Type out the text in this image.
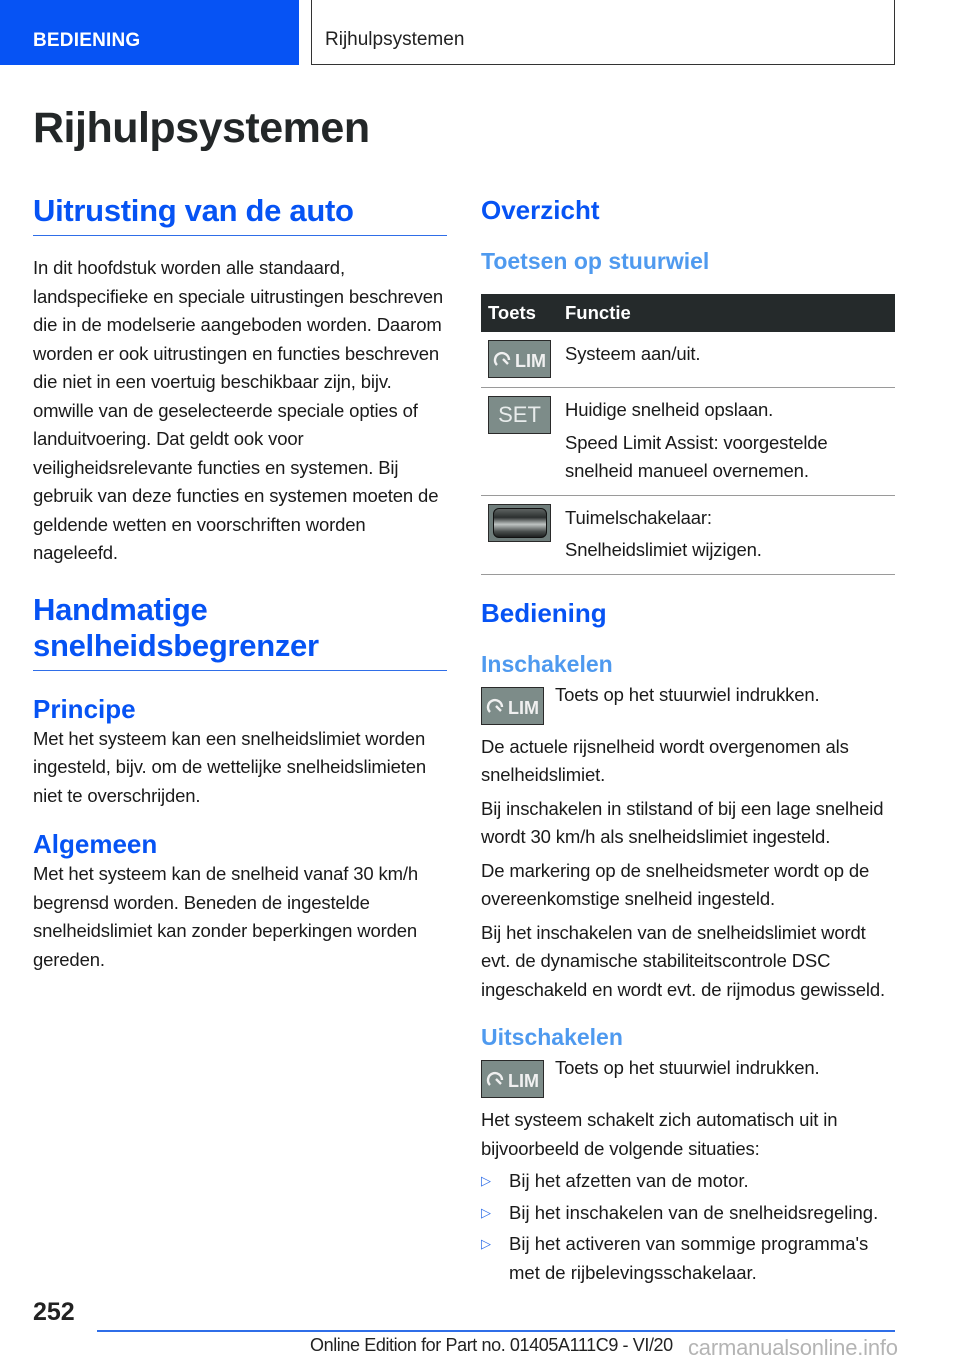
BEDIENING	Rijhulpsystemen
Rijhulpsystemen
Uitrusting van de auto

In dit hoofdstuk worden alle standaard, landspecifieke en speciale uitrustingen beschreven die in de modelserie aangeboden worden. Daarom worden er ook uitrustingen en functies beschreven die niet in een voertuig beschikbaar zijn, bijv. omwille van de geselecteerde speciale opties of landuitvoering. Dat geldt ook voor veiligheidsrelevante functies en systemen. Bij gebruik van deze functies en systemen moeten de geldende wetten en voorschriften worden nageleefd.

Handmatige snelheidsbegrenzer
Principe

Met het systeem kan een snelheidslimiet worden ingesteld, bijv. om de wettelijke snelheidslimieten niet te overschrijden.

Algemeen

Met het systeem kan de snelheid vanaf 30 km/h begrensd worden. Beneden de ingestelde snelheidslimiet kan zonder beperkingen worden gereden.

Overzicht
Toetsen op stuurwiel
Toets	Functie

LIM	Systeem aan/uit.

SET	Huidige snelheid opslaan.

Speed Limit Assist: voorgestelde snelheid manueel overnemen.

	Tuimelschakelaar:

Snelheidslimiet wijzigen.

Bediening
Inschakelen
LIM

Toets op het stuurwiel indrukken.

De actuele rijsnelheid wordt overgenomen als snelheidslimiet.

Bij inschakelen in stilstand of bij een lage snelheid wordt 30 km/h als snelheidslimiet ingesteld.

De markering op de snelheidsmeter wordt op de overeenkomstige snelheid ingesteld.

Bij het inschakelen van de snelheidslimiet wordt evt. de dynamische stabiliteitscontrole DSC ingeschakeld en wordt evt. de rijmodus gewisseld.

Uitschakelen
LIM

Toets op het stuurwiel indrukken.

Het systeem schakelt zich automatisch uit in bijvoorbeeld de volgende situaties:

▷ Bij het afzetten van de motor.
▷ Bij het inschakelen van de snelheidsregeling.
▷ Bij het activeren van sommige programma's met de rijbelevingsschakelaar.
252
Online Edition for Part no. 01405A111C9 - VI/20 carmanualsonline.info
